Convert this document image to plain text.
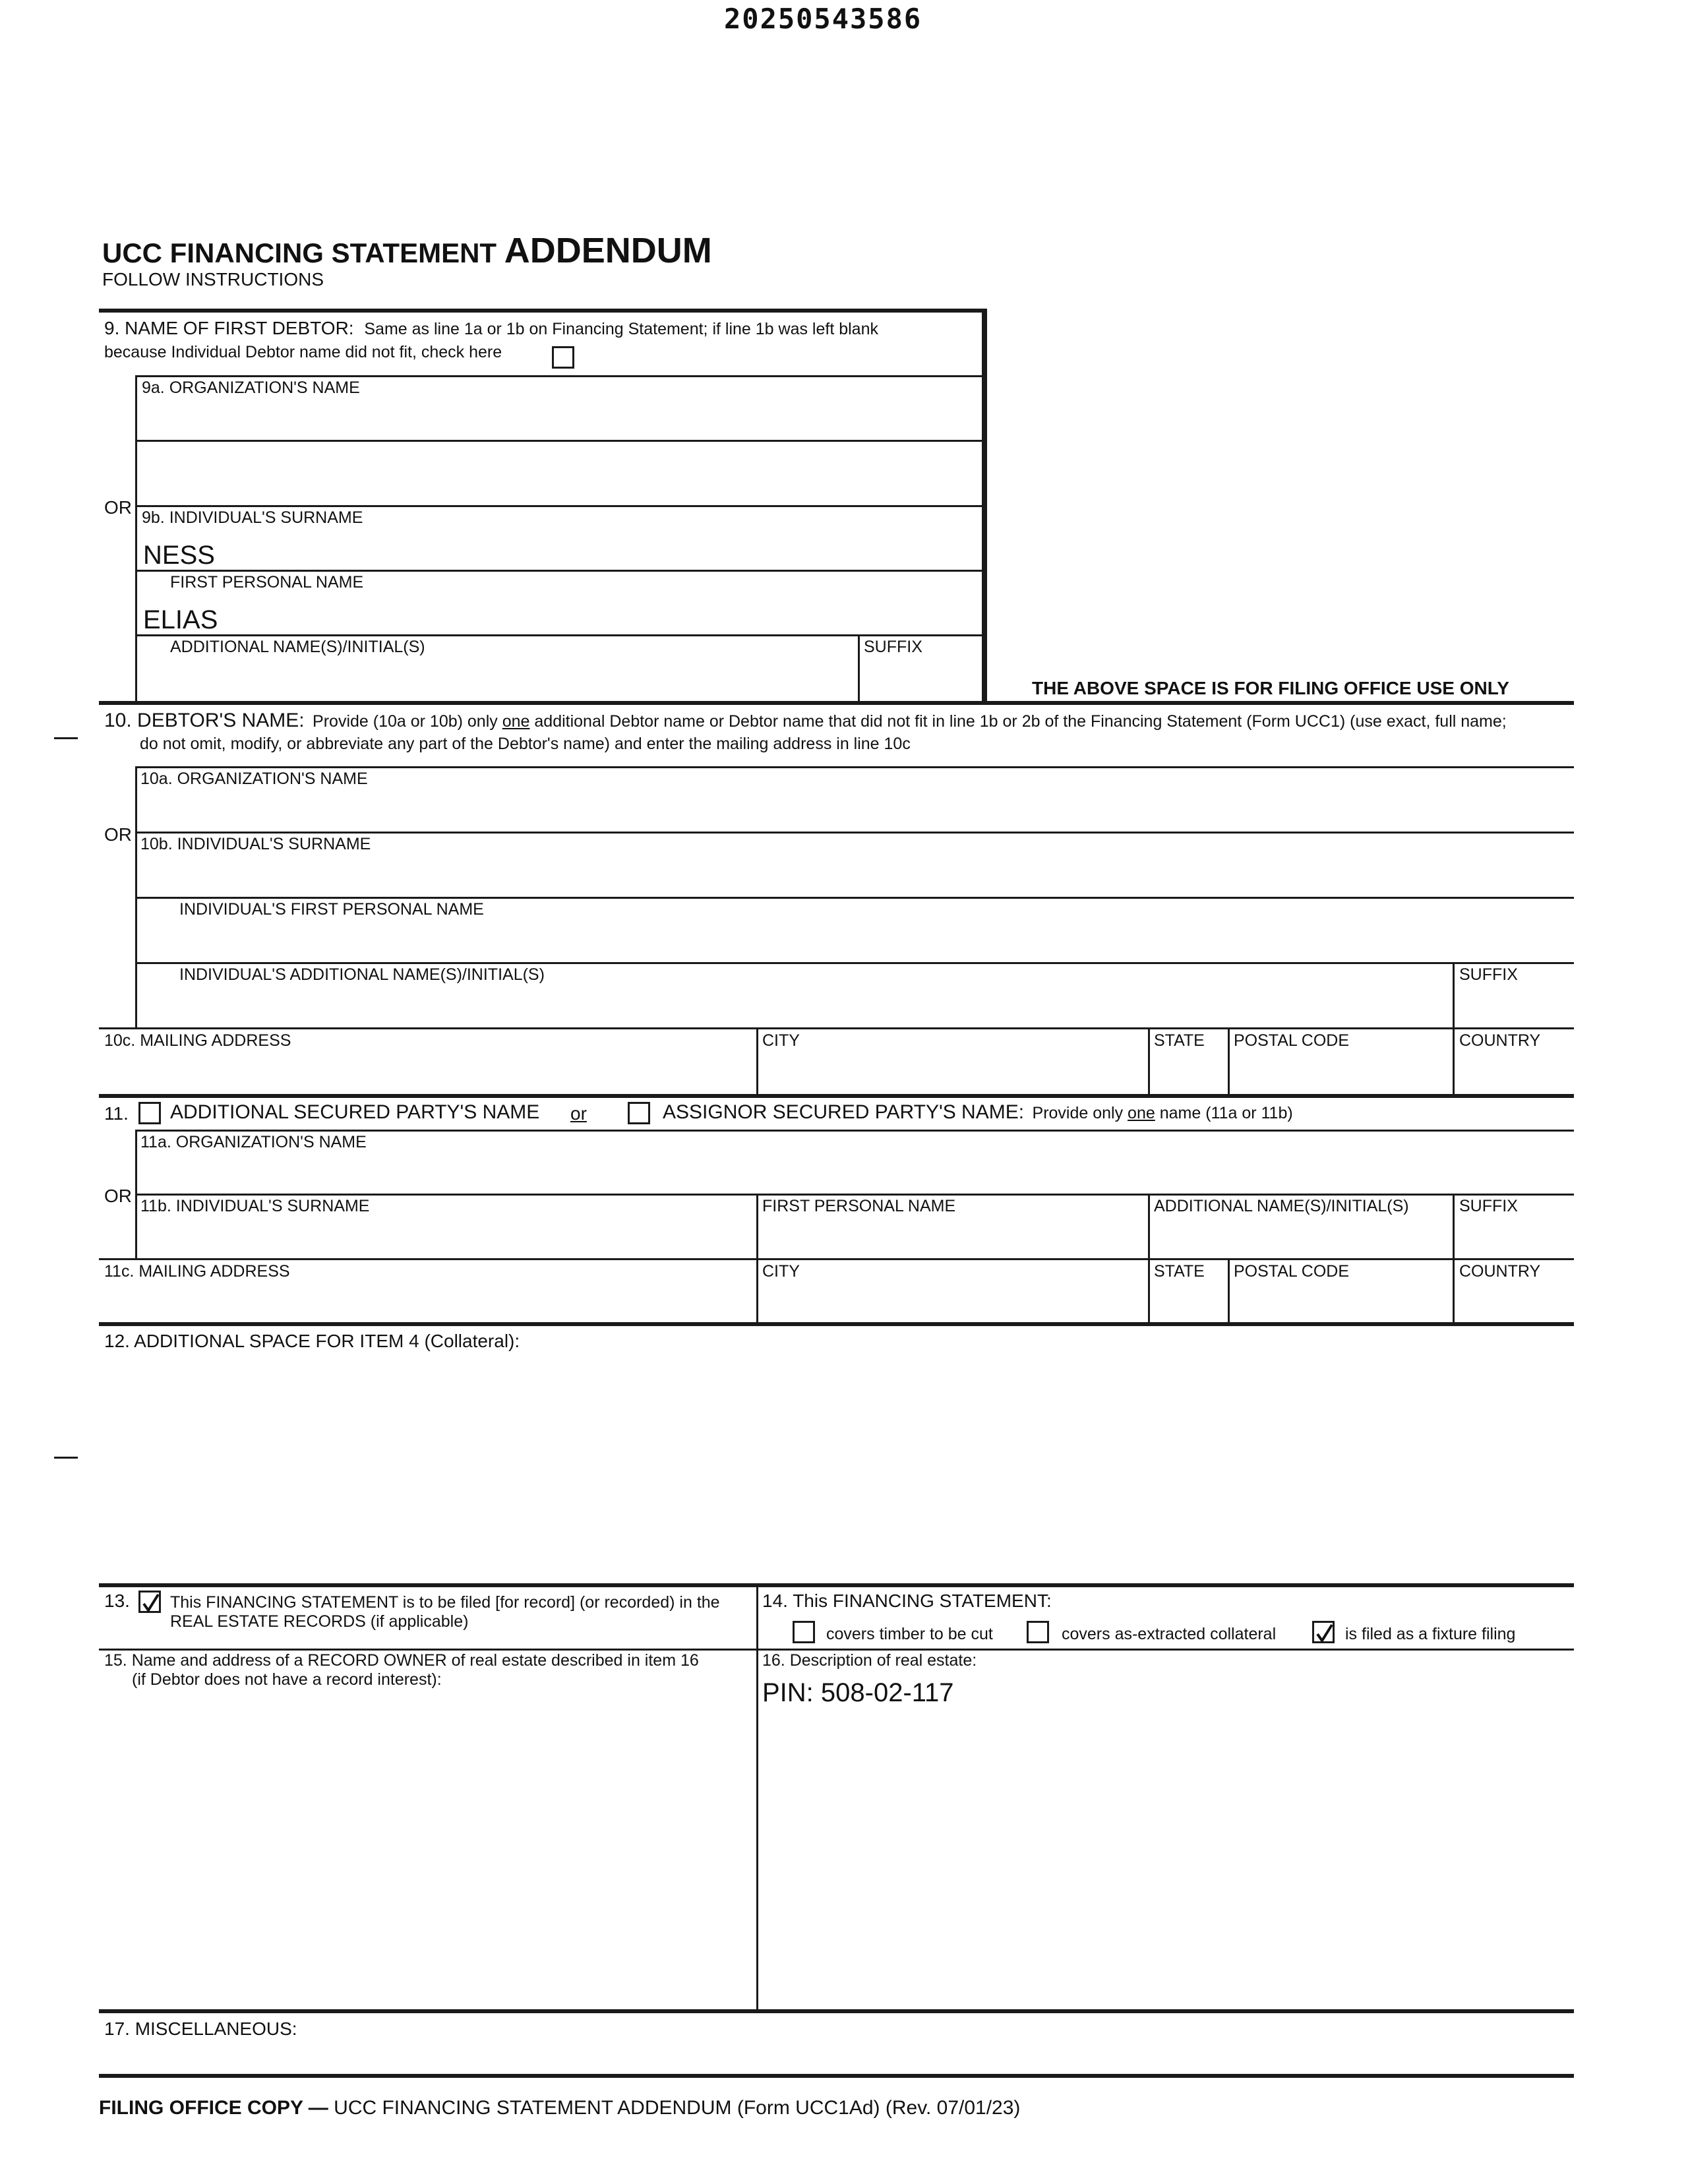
20250543586
UCC FINANCING STATEMENT ADDENDUM
FOLLOW INSTRUCTIONS
9. NAME OF FIRST DEBTOR: Same as line 1a or 1b on Financing Statement; if line 1b was left blank
because Individual Debtor name did not fit, check here
9a. ORGANIZATION'S NAME
OR 9b. INDIVIDUAL'S SURNAME
NESS
FIRST PERSONAL NAME
ELIAS
ADDITIONAL NAME(S)/INITIAL(S)	SUFFIX
THE ABOVE SPACE IS FOR FILING OFFICE USE ONLY
10. DEBTOR'S NAME: Provide (10a or 10b) only one additional Debtor name or Debtor name that did not fit in line 1b or 2b of the Financing Statement (Form UCC1) (use exact, full name;
do not omit, modify, or abbreviate any part of the Debtor's name) and enter the mailing address in line 10c
10a. ORGANIZATION'S NAME
OR 10b. INDIVIDUAL'S SURNAME
INDIVIDUAL'S FIRST PERSONAL NAME
INDIVIDUAL'S ADDITIONAL NAME(S)/INITIAL(S)	SUFFIX
10c. MAILING ADDRESS	CITY	STATE POSTAL CODE	COUNTRY
11. ADDITIONAL SECURED PARTY'S NAME or	ASSIGNOR SECURED PARTY'S NAME: Provide only one name (11a or 11b)
11a. ORGANIZATION'S NAME
OR 11b. INDIVIDUAL'S SURNAME	FIRST PERSONAL NAME	ADDITIONAL NAME(S)/INITIAL(S)	SUFFIX
11c. MAILING ADDRESS	CITY	STATE POSTAL CODE	COUNTRY
12. ADDITIONAL SPACE FOR ITEM 4 (Collateral):
13. This FINANCING STATEMENT is to be filed [for record] (or recorded) in the
REAL ESTATE RECORDS (if applicable)
14. This FINANCING STATEMENT:
covers timber to be cut	covers as-extracted collateral	is filed as a fixture filing
15. Name and address of a RECORD OWNER of real estate described in item 16
(if Debtor does not have a record interest):
16. Description of real estate:
PIN: 508-02-117
17. MISCELLANEOUS:
FILING OFFICE COPY — UCC FINANCING STATEMENT ADDENDUM (Form UCC1Ad) (Rev. 07/01/23)
